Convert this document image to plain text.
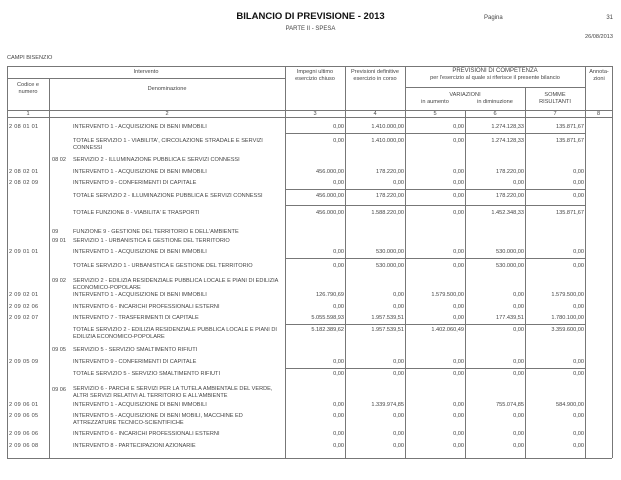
BILANCIO DI PREVISIONE - 2013
PARTE II - SPESA
Pagina	31
26/08/2013
CAMPI BISENZIO
Intervento
Codice e numero	Denominazione
Impegni ultimo esercizio chiuso
Previsioni definitive esercizio in corso
PREVISIONI DI COMPETENZA
per l'esercizio al quale si riferisce il presente bilancio
VARIAZIONI
in aumento	in diminuzione
SOMME RISULTANTI
Annota- zioni
1	2	3	4	5	6	7	8
2 08 01 01	INTERVENTO 1 - ACQUISIZIONE DI BENI IMMOBILI	0,00	1.410.000,00	0,00	1.274.128,33	135.871,67
TOTALE SERVIZIO 1 - VIABILITA', CIRCOLAZIONE STRADALE E SERVIZI CONNESSI
0,00	1.410.000,00	0,00	1.274.128,33	135.871,67
08 02 SERVIZIO 2 - ILLUMINAZIONE PUBBLICA E SERVIZI CONNESSI
2 08 02 01	INTERVENTO 1 - ACQUISIZIONE DI BENI IMMOBILI	456.000,00	178.220,00	0,00	178.220,00	0,00
2 08 02 09	INTERVENTO 9 - CONFERIMENTI DI CAPITALE	0,00	0,00	0,00	0,00	0,00
TOTALE SERVIZIO 2 - ILLUMINAZIONE PUBBLICA E SERVIZI CONNESSI	456.000,00	178.220,00	0,00	178.220,00	0,00
TOTALE FUNZIONE 8 - VIABILITA' E TRASPORTI	456.000,00	1.588.220,00	0,00	1.452.348,33	135.871,67
09	FUNZIONE 9 - GESTIONE DEL TERRITORIO E DELL'AMBIENTE
09 01 SERVIZIO 1 - URBANISTICA E GESTIONE DEL TERRITORIO
2 09 01 01	INTERVENTO 1 - ACQUISIZIONE DI BENI IMMOBILI	0,00	530.000,00	0,00	530.000,00	0,00
TOTALE SERVIZIO 1 - URBANISTICA E GESTIONE DEL TERRITORIO	0,00	530.000,00	0,00	530.000,00	0,00
09 02 SERVIZIO 2 - EDILIZIA RESIDENZIALE PUBBLICA LOCALE E PIANI DI EDILIZIA ECONOMICO-POPOLARE
2 09 02 01	INTERVENTO 1 - ACQUISIZIONE DI BENI IMMOBILI	126.790,69	0,00	1.579.500,00	0,00	1.579.500,00
2 09 02 06	INTERVENTO 6 - INCARICHI PROFESSIONALI ESTERNI	0,00	0,00	0,00	0,00	0,00
2 09 02 07	INTERVENTO 7 - TRASFERIMENTI DI CAPITALE	5.055.598,93	1.957.539,51	0,00	177.439,51	1.780.100,00
TOTALE SERVIZIO 2 - EDILIZIA RESIDENZIALE PUBBLICA LOCALE E PIANI DI EDILIZIA ECONOMICO-POPOLARE
5.182.389,62	1.957.539,51	1.402.060,49	0,00	3.359.600,00
09 05 SERVIZIO 5 - SERVIZIO SMALTIMENTO RIFIUTI
2 09 05 09	INTERVENTO 9 - CONFERIMENTI DI CAPITALE	0,00	0,00	0,00	0,00	0,00
TOTALE SERVIZIO 5 - SERVIZIO SMALTIMENTO RIFIUTI	0,00	0,00	0,00	0,00	0,00
09 06 SERVIZIO 6 - PARCHI E SERVIZI PER LA TUTELA AMBIENTALE DEL VERDE, ALTRI SERVIZI RELATIVI AL TERRITORIO E ALL'AMBIENTE
2 09 06 01	INTERVENTO 1 - ACQUISIZIONE DI BENI IMMOBILI	0,00	1.339.974,85	0,00	755.074,85	584.900,00
2 09 06 05	INTERVENTO 5 - ACQUISIZIONE DI BENI MOBILI, MACCHINE ED ATTREZZATURE TECNICO-SCIENTIFICHE
0,00	0,00	0,00	0,00	0,00
2 09 06 06	INTERVENTO 6 - INCARICHI PROFESSIONALI ESTERNI	0,00	0,00	0,00	0,00	0,00
2 09 06 08	INTERVENTO 8 - PARTECIPAZIONI AZIONARIE	0,00	0,00	0,00	0,00	0,00
